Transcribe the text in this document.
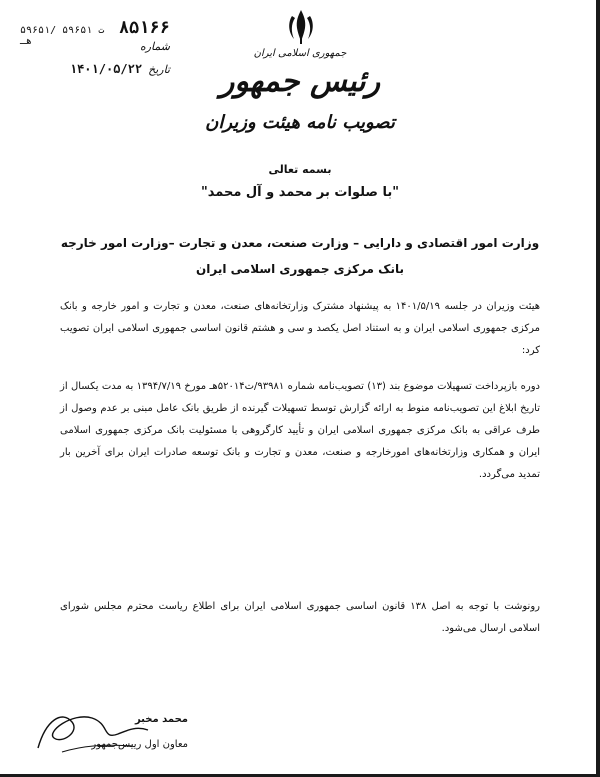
۸۵۱۶۶
۵۹۶۵۱/ ت ۵۹۶۵۱ هـ	شماره
تاریخ
۱۴۰۱/۰۵/۲۲
جمهوری اسلامی ایران
رئیس جمهور
تصویب نامه هیئت وزیران
بسمه تعالی
"با صلوات بر محمد و آل محمد"
وزارت امور اقتصادی و دارایی – وزارت صنعت، معدن و تجارت –وزارت امور خارجه
بانک مرکزی جمهوری اسلامی ایران
هیئت وزیران در جلسه ۱۴۰۱/۵/۱۹ به پیشنهاد مشترک وزارتخانه‌های صنعت، معدن و تجارت و امور خارجه و بانک مرکزی جمهوری اسلامی ایران و به استناد اصل یکصد و سی و هشتم قانون اساسی جمهوری اسلامی ایران تصویب کرد:
دوره بازپرداخت تسهیلات موضوع بند (۱۳) تصویب‌نامه شماره ۹۳۹۸۱/ت۵۲۰۱۴هـ مورخ ۱۳۹۴/۷/۱۹ به مدت یکسال از تاریخ ابلاغ این تصویب‌نامه منوط به ارائه گزارش توسط تسهیلات گیرنده از طریق بانک عامل مبنی بر عدم وصول از طرف عراقی به بانک مرکزی جمهوری اسلامی ایران و تأیید کارگروهی با مسئولیت بانک مرکزی جمهوری اسلامی ایران و همکاری وزارتخانه‌های امورخارجه و صنعت، معدن و تجارت و بانک توسعه صادرات ایران برای آخرین بار تمدید می‌گردد.
رونوشت با توجه به اصل ۱۳۸ قانون اساسی جمهوری اسلامی ایران برای اطلاع ریاست محترم مجلس شورای اسلامی ارسال می‌شود.
محمد مخبر
معاون اول رییس‌جمهور
